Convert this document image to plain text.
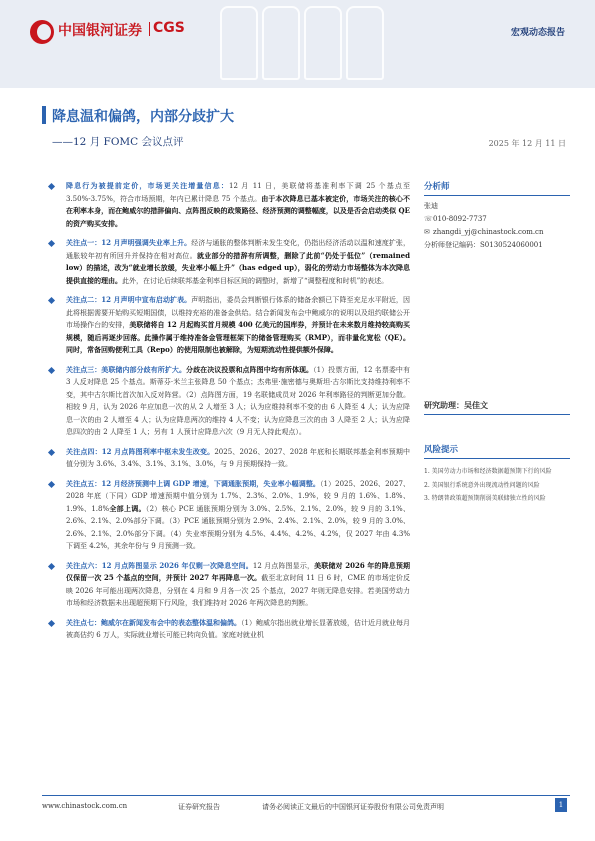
中国银河证券 CGS	宏观动态报告
降息温和偏鸽，内部分歧扩大
——12 月 FOMC 会议点评	2025 年 12 月 11 日
降息行为被提前定价，市场更关注增量信息：12 月 11 日，美联储将基准利率下调 25 个基点至 3.50%-3.75%，符合市场预期，年内已累计降息 75 个基点。由于本次降息已基本被定价，市场关注的核心不在利率本身，而在鲍威尔的措辞偏向、点阵图反映的政策路径、经济预测的调整幅度，以及是否会启动类似 QE 的资产购买安排。
关注点一：12 月声明强调失业率上升。经济与通胀的整体判断未发生变化，仍指出经济活动以温和速度扩张，通胀较年初有所回升并保持在相对高位。就业部分的措辞有所调整，删除了此前“仍处于低位”（remained low）的描述，改为“就业增长放缓，失业率小幅上升”（has edged up），弱化的劳动力市场整体为本次降息提供直接的理由。此外，在讨论后续联邦基金利率目标区间的调整时，新增了“调整程度和时机”的表述。
关注点二：12 月声明中宣布启动扩表。声明指出，委员会判断银行体系的储备余额已下降至充足水平附近，因此将根据需要开始购买短期国债，以维持充裕的准备金供给。结合新闻发布会中鲍威尔的说明以及纽约联储公开市场操作台的安排，美联储将自 12 月起购买首月规模 400 亿美元的国库券，并预计在未来数月维持较高购买规模，随后再逐步回落。此操作属于维持准备金管理框架下的储备管理购买（RMP），而非量化宽松（QE）。同时，常备回购便利工具（Repo）的使用限制也被解除，为短期流动性提供额外保障。
关注点三：美联储内部分歧有所扩大。分歧在决议投票和点阵图中均有所体现。（1）投票方面，12 名票委中有 3 人反对降息 25 个基点。斯蒂芬·米兰主张降息 50 个基点；杰弗里·施密德与奥斯坦·古尔斯比支持维持利率不变，其中古尔斯比首次加入反对阵营。（2）点阵图方面，19 名联储成员对 2026 年利率路径的判断更加分散。相较 9 月，认为 2026 年应加息一次的从 2 人增至 3 人；认为应维持利率不变的由 6 人降至 4 人；认为应降息一次的由 2 人增至 4 人；认为应降息两次的维持 4 人不变；认为应降息三次的由 3 人降至 2 人；认为应降息四次的由 2 人降至 1 人；另有 1 人预计应降息六次（9 月无人持此观点）。
关注点四：12 月点阵图利率中枢未发生改变。2025、2026、2027、2028 年底和长期联邦基金利率预期中值分别为 3.6%、3.4%、3.1%、3.1%、3.0%，与 9 月预期保持一致。
关注点五：12 月经济预测中上调 GDP 增速，下调通胀预期，失业率小幅调整。（1）2025、2026、2027、2028 年底（下同）GDP 增速预期中值分别为 1.7%、2.3%、2.0%、1.9%，较 9 月的 1.6%、1.8%、1.9%、1.8%全部上调。（2）核心 PCE 通胀预期分别为 3.0%、2.5%、2.1%、2.0%，较 9 月的 3.1%、2.6%、2.1%、2.0%部分下调。（3）PCE 通胀预期分别为 2.9%、2.4%、2.1%、2.0%，较 9 月的 3.0%、2.6%、2.1%、2.0%部分下调。（4）失业率预期分别为 4.5%、4.4%、4.2%、4.2%，仅 2027 年由 4.3%下调至 4.2%，其余年份与 9 月预测一致。
关注点六：12 月点阵图显示 2026 年仅剩一次降息空间。12 月点阵图显示，美联储对 2026 年的降息预期仅保留一次 25 个基点的空间，并预计 2027 年再降息一次。截至北京时间 11 日 6 时，CME 的市场定价反映 2026 年可能出现两次降息，分别在 4 月和 9 月各一次 25 个基点，2027 年则无降息安排。若美国劳动力市场和经济数据未出现超预期下行风险，我们维持对 2026 年两次降息的判断。
关注点七：鲍威尔在新闻发布会中的表态整体温和偏鸽。（1）鲍威尔指出就业增长显著放缓，估计近月就业每月被高估约 6 万人，实际就业增长可能已转向负值。家庭对就业机
分析师
张迪
☏010-8092-7737
✉ zhangdi_yj@chinastock.com.cn
分析师登记编码：S0130524060001
研究助理：吴佳文
风险提示
1. 美国劳动力市场和经济数据超预期下行的风险
2. 美国银行系统意外出现流动性问题的风险
3. 特朗普政策超预期削弱美联储独立性的风险
www.chinastock.com.cn	证券研究报告	请务必阅读正文最后的中国银河证券股份有限公司免责声明	1
